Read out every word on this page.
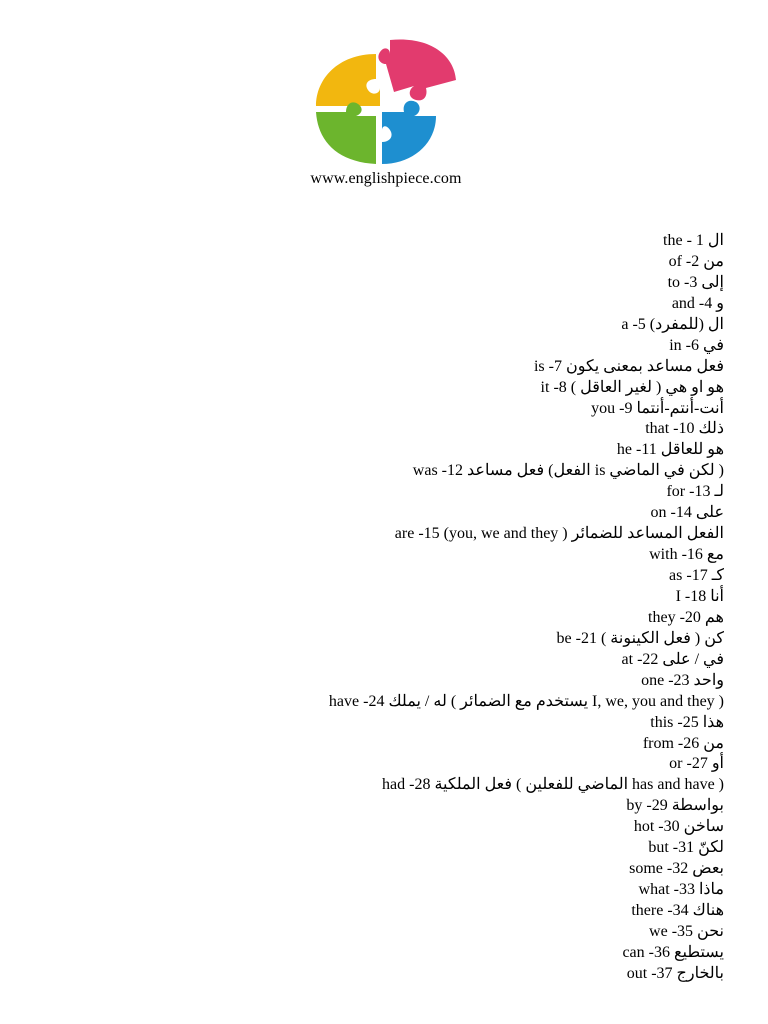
www.englishpiece.com
the - 1 ال
of -2 من
to -3 إلى
and -4 و
a -5 ال (للمفرد)
in -6 في
is -7 فعل مساعد بمعنى يكون
it -8 هو او هي ( لغير العاقل )
you -9 أنت-أنتم-أنتما
that -10 ذلك
he -11 هو للعاقل
was -12 فعل مساعد (الفعل is لكن في الماضي )
for -13 لـ
on -14 على
are -15 (you, we and they ) الفعل المساعد للضمائر
with -16 مع
as -17 كـ
I -18 أنا
they -20 هم
be -21 كن ( فعل الكينونة )
at -22 في / على
one -23 واحد
have -24 له / يملك ( يستخدم مع الضمائر I, we, you and they )
this -25 هذا
from -26 من
or -27 أو
had -28 فعل الملكية ( الماضي للفعلين has and have )
by -29 بواسطة
hot -30 ساخن
but -31 لكنّ
some -32 بعض
what -33 ماذا
there -34 هناك
we -35 نحن
can -36 يستطيع
out -37 بالخارج
